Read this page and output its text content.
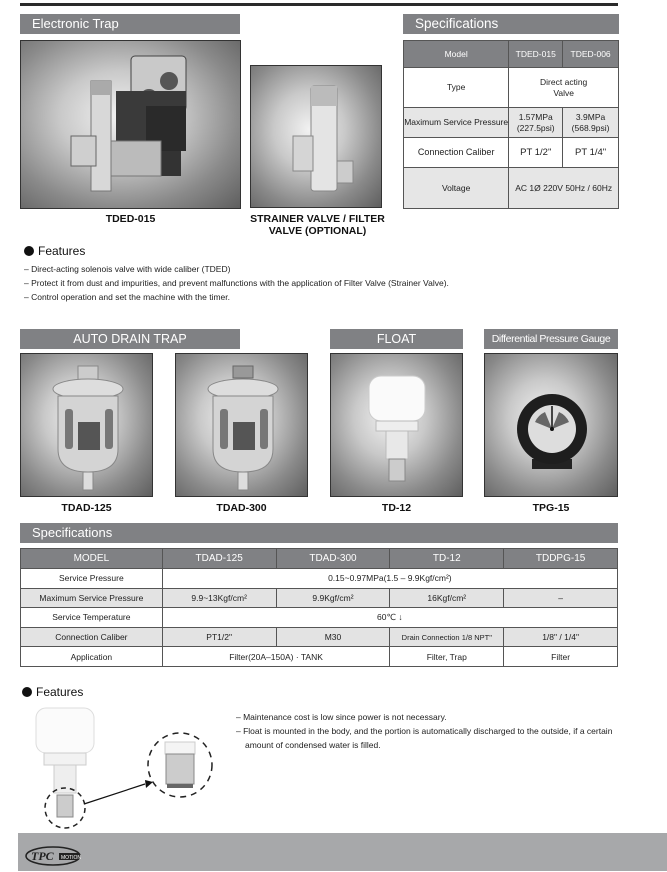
Electronic Trap
TDED-015	STRAINER VALVE / FILTER VALVE (OPTIONAL)
Specifications
Model	TDED-015	TDED-006
Type	Direct acting Valve	
Maximum Service Pressure	1.57MPa (227.5psi)	3.9MPa (568.9psi)
Connection Caliber	PT 1/2"	PT 1/4"
Voltage	AC 1Ø 220V 50Hz / 60Hz	
Features
– Direct-acting solenois valve with wide caliber (TDED)
– Protect it from dust and impurities, and prevent malfunctions with the application of Filter Valve (Strainer Valve).
– Control operation and set the machine with the timer.
AUTO DRAIN TRAP	FLOAT	Differential Pressure Gauge
TDAD-125	TDAD-300	TD-12	TPG-15
Specifications
MODEL	TDAD-125	TDAD-300	TD-12	TDDPG-15
Service Pressure	0.15~0.97MPa(1.5 – 9.9Kgf/cm²)			
Maximum Service Pressure	9.9~13Kgf/cm²	9.9Kgf/cm²	16Kgf/cm²	–
Service Temperature	60℃ ↓			
Connection Caliber	PT1/2"	M30	Drain Connection 1/8 NPT"	1/8" / 1/4"
Application	Filter(20A–150A) · TANK		Filter, Trap	Filter
Features
– Maintenance cost is low since power is not necessary.
– Float is mounted in the body, and the portion is automatically discharged to the outside, if a certain amount of condensed water is filled.
TPC MOTION
